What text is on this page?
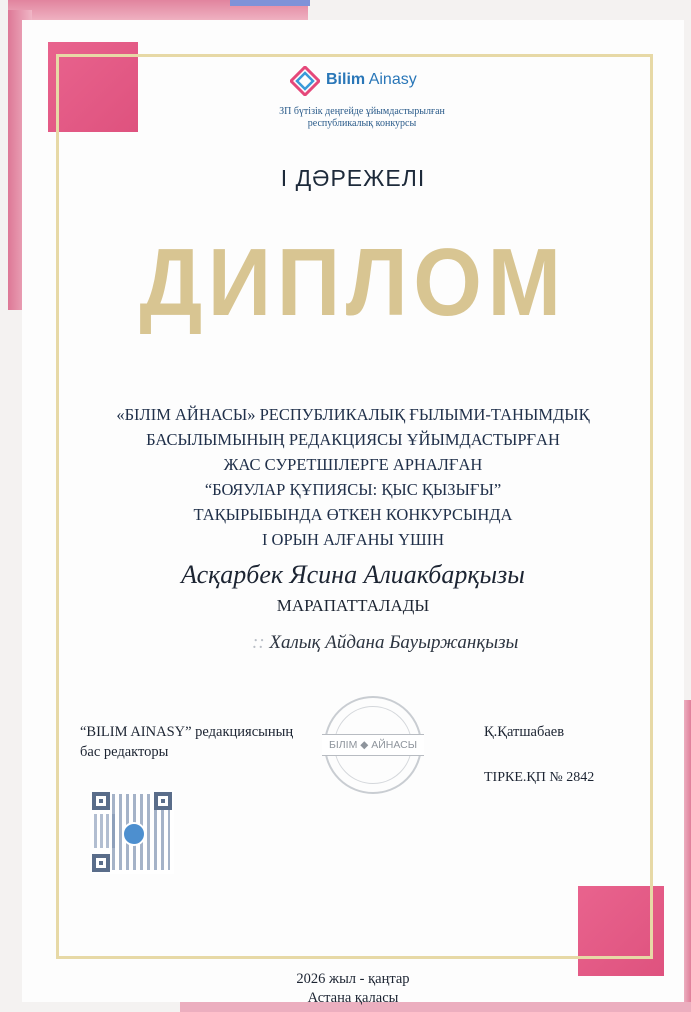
Bilim Ainasy
ЗП бүтізік деңгейде ұйымдастырылған
республикалық конкурсы
І ДӘРЕЖЕЛІ
ДИПЛОМ
«БІЛІМ АЙНАСЫ» РЕСПУБЛИКАЛЫҚ ҒЫЛЫМИ-ТАНЫМДЫҚ
БАСЫЛЫМЫНЫҢ РЕДАКЦИЯСЫ ҰЙЫМДАСТЫРҒАН
ЖАС СУРЕТШІЛЕРГЕ АРНАЛҒАН
“БОЯУЛАР ҚҰПИЯСЫ: ҚЫС ҚЫЗЫҒЫ”
ТАҚЫРЫБЫНДА ӨТКЕН КОНКУРСЫНДА
І ОРЫН АЛҒАНЫ ҮШІН
Асқарбек Ясина Алиакбарқызы
МАРАПАТТАЛАДЫ
:: Халық Айдана Бауыржанқызы
“BILIM AINASY” редакциясының
бас редакторы	БІЛІМ ◆ АЙНАСЫ
Қ.Қатшабаев
ТІРКЕ.ҚП № 2842
2026 жыл - қаңтар
Астана қаласы
